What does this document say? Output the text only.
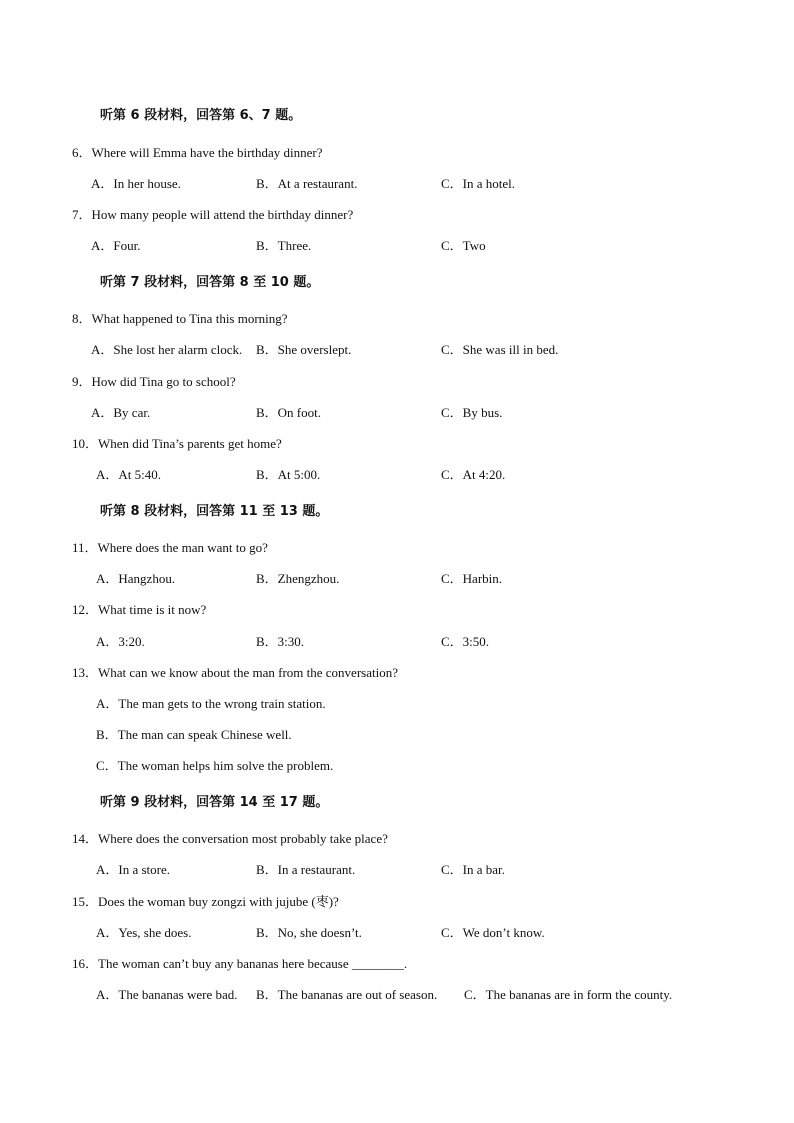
听第 6 段材料，回答第 6、7 题。
6．Where will Emma have the birthday dinner?
A．In her house.	B．At a restaurant.	C．In a hotel.
7．How many people will attend the birthday dinner?
A．Four.	B．Three.	C．Two
听第 7 段材料，回答第 8 至 10 题。
8．What happened to Tina this morning?
A．She lost her alarm clock. B．She overslept.	C．She was ill in bed.
9．How did Tina go to school?
A．By car.	B．On foot.	C．By bus.
10．When did Tina’s parents get home?
A．At 5:40.	B．At 5:00.	C．At 4:20.
听第 8 段材料，回答第 11 至 13 题。
11．Where does the man want to go?
A．Hangzhou.	B．Zhengzhou.	C．Harbin.
12．What time is it now?
A．3:20.	B．3:30.	C．3:50.
13．What can we know about the man from the conversation?
A．The man gets to the wrong train station.
B．The man can speak Chinese well.
C．The woman helps him solve the problem.
听第 9 段材料，回答第 14 至 17 题。
14．Where does the conversation most probably take place?
A．In a store.	B．In a restaurant.	C．In a bar.
15．Does the woman buy zongzi with jujube (枣)?
A．Yes, she does.	B．No, she doesn’t.	C．We don’t know.
16．The woman can’t buy any bananas here because ________.
A．The bananas were bad. B．The bananas are out of season. C．The bananas are in form the county.
